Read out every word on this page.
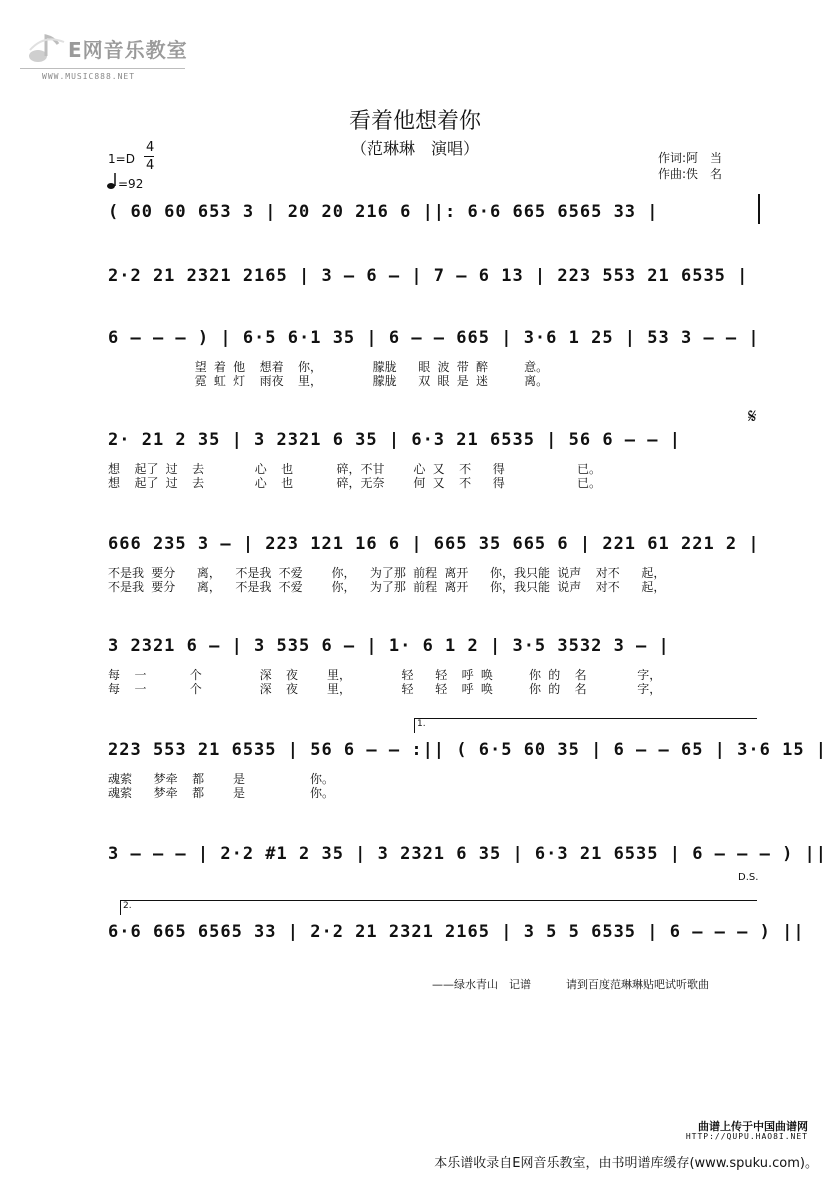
E网音乐教室
WWW.MUSIC888.NET
看着他想着你
（范琳琳　演唱）
1=D
4
4
=92
作词:阿　当
作曲:佚　名
( 60 60 653 3 | 20 20 216 6 ||: 6·6 665 6565 33 |
2·2 21 2321 2165 | 3 – 6 – | 7 – 6 13 | 223 553 21 6535 |
6 – – – ) | 6·5 6·1 35 | 6 – – 665 | 3·6 1 25 | 53 3 – – |
望 着 他  想着  你，       朦胧   眼 波 带 醉     意。
霓 虹 灯  雨夜  里，       朦胧   双 眼 是 迷     离。
2· 21 2 35 | 3 2321 6 35 | 6·3 21 6535 | 56 6 – – |
想  起了 过  去       心  也      碎，不甘    心 又  不   得          已。
想  起了 过  去       心  也      碎，无奈    何 又  不   得          已。
𝄋
666 235 3 – | 223 121 16 6 | 665 35 665 6 | 221 61 221 2 |
不是我 要分   离，  不是我 不爱    你，  为了那 前程 离开   你，我只能 说声  对不   起，
不是我 要分   离，  不是我 不爱    你，  为了那 前程 离开   你，我只能 说声  对不   起，
3 2321 6 – | 3 535 6 – | 1· 6 1 2 | 3·5 3532 3 – |
每  一      个        深  夜    里，       轻   轻  呼 唤     你 的  名       字，
每  一      个        深  夜    里，       轻   轻  呼 唤     你 的  名       字，
1.
223 553 21 6535 | 56 6 – – :|| ( 6·5 60 35 | 6 – – 65 | 3·6 15 |
魂萦   梦牵  都    是         你。
魂萦   梦牵  都    是         你。
3 – – – | 2·2 #1 2 35 | 3 2321 6 35 | 6·3 21 6535 | 6 – – – ) ||
D.S.
2.
6·6 665 6565 33 | 2·2 21 2321 2165 | 3 5 5 6535 | 6 – – – ) ||
——绿水青山　记谱	请到百度范琳琳贴吧试听歌曲
曲谱上传于中国曲谱网
HTTP://QUPU.HAO8I.NET
本乐谱收录自E网音乐教室，由书明谱库缓存(www.spuku.com)。
